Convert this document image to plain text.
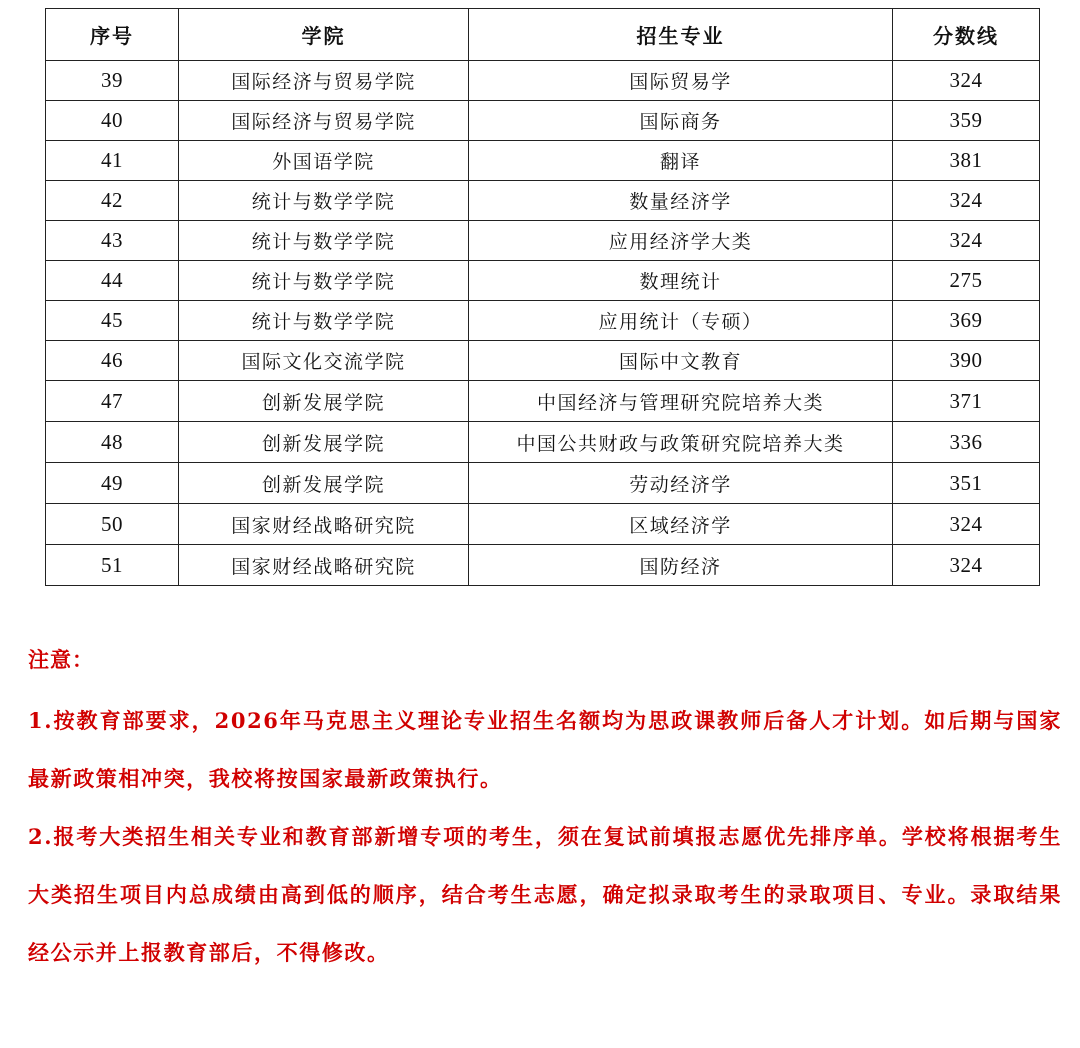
序号	学院	招生专业	分数线
39	国际经济与贸易学院	国际贸易学	324
40	国际经济与贸易学院	国际商务	359
41	外国语学院	翻译	381
42	统计与数学学院	数量经济学	324
43	统计与数学学院	应用经济学大类	324
44	统计与数学学院	数理统计	275
45	统计与数学学院	应用统计（专硕）	369
46	国际文化交流学院	国际中文教育	390
47	创新发展学院	中国经济与管理研究院培养大类	371
48	创新发展学院	中国公共财政与政策研究院培养大类	336
49	创新发展学院	劳动经济学	351
50	国家财经战略研究院	区域经济学	324
51	国家财经战略研究院	国防经济	324

注意：

1.按教育部要求，2026年马克思主义理论专业招生名额均为思政课教师后备人才计划。如后期与国家最新政策相冲突，我校将按国家最新政策执行。

2.报考大类招生相关专业和教育部新增专项的考生，须在复试前填报志愿优先排序单。学校将根据考生大类招生项目内总成绩由高到低的顺序，结合考生志愿，确定拟录取考生的录取项目、专业。录取结果经公示并上报教育部后，不得修改。
